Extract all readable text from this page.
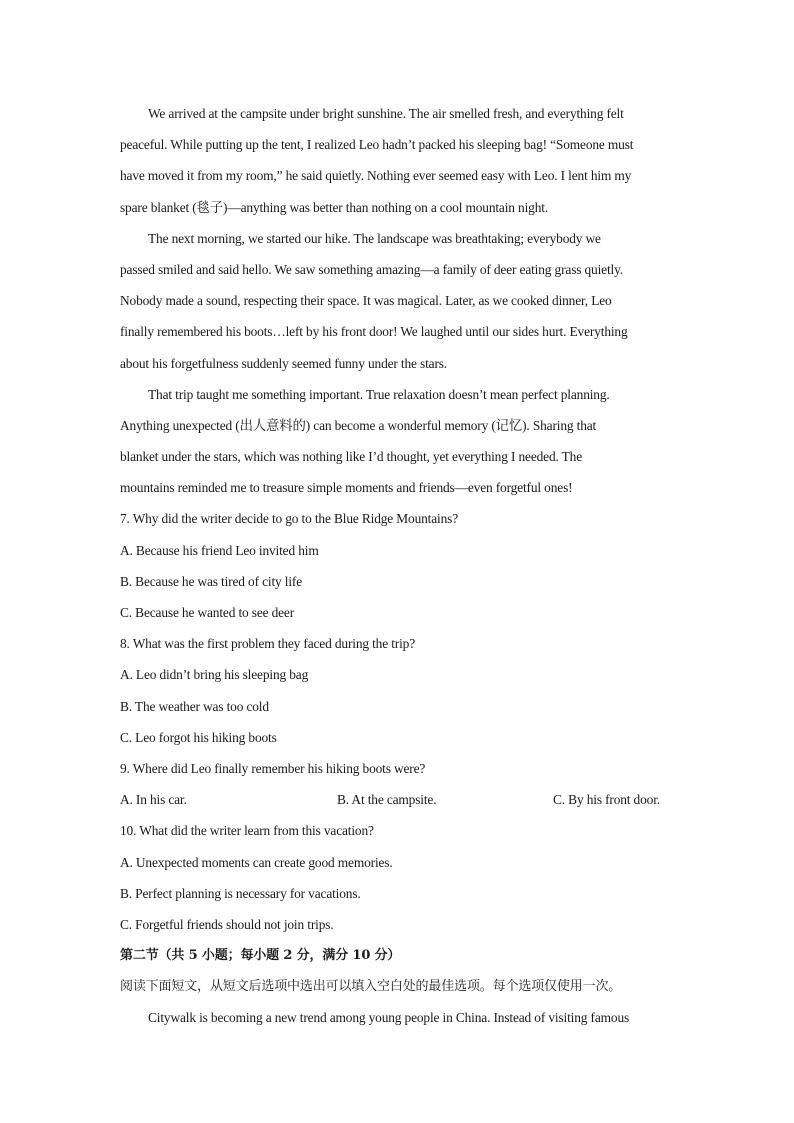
We arrived at the campsite under bright sunshine. The air smelled fresh, and everything felt
peaceful. While putting up the tent, I realized Leo hadn’t packed his sleeping bag! “Someone must
have moved it from my room,” he said quietly. Nothing ever seemed easy with Leo. I lent him my
spare blanket (毯子)—anything was better than nothing on a cool mountain night.
The next morning, we started our hike. The landscape was breathtaking; everybody we
passed smiled and said hello. We saw something amazing—a family of deer eating grass quietly.
Nobody made a sound, respecting their space. It was magical. Later, as we cooked dinner, Leo
finally remembered his boots…left by his front door! We laughed until our sides hurt. Everything
about his forgetfulness suddenly seemed funny under the stars.
That trip taught me something important. True relaxation doesn’t mean perfect planning.
Anything unexpected (出人意料的) can become a wonderful memory (记忆). Sharing that
blanket under the stars, which was nothing like I’d thought, yet everything I needed. The
mountains reminded me to treasure simple moments and friends—even forgetful ones!
7. Why did the writer decide to go to the Blue Ridge Mountains?
A. Because his friend Leo invited him
B. Because he was tired of city life
C. Because he wanted to see deer
8. What was the first problem they faced during the trip?
A. Leo didn’t bring his sleeping bag
B. The weather was too cold
C. Leo forgot his hiking boots
9. Where did Leo finally remember his hiking boots were?
A. In his car.	B. At the campsite.	C. By his front door.
10. What did the writer learn from this vacation?
A. Unexpected moments can create good memories.
B. Perfect planning is necessary for vacations.
C. Forgetful friends should not join trips.
第二节（共 5 小题；每小题 2 分，满分 10 分）
阅读下面短文，从短文后选项中选出可以填入空白处的最佳选项。每个选项仅使用一次。
Citywalk is becoming a new trend among young people in China. Instead of visiting famous
